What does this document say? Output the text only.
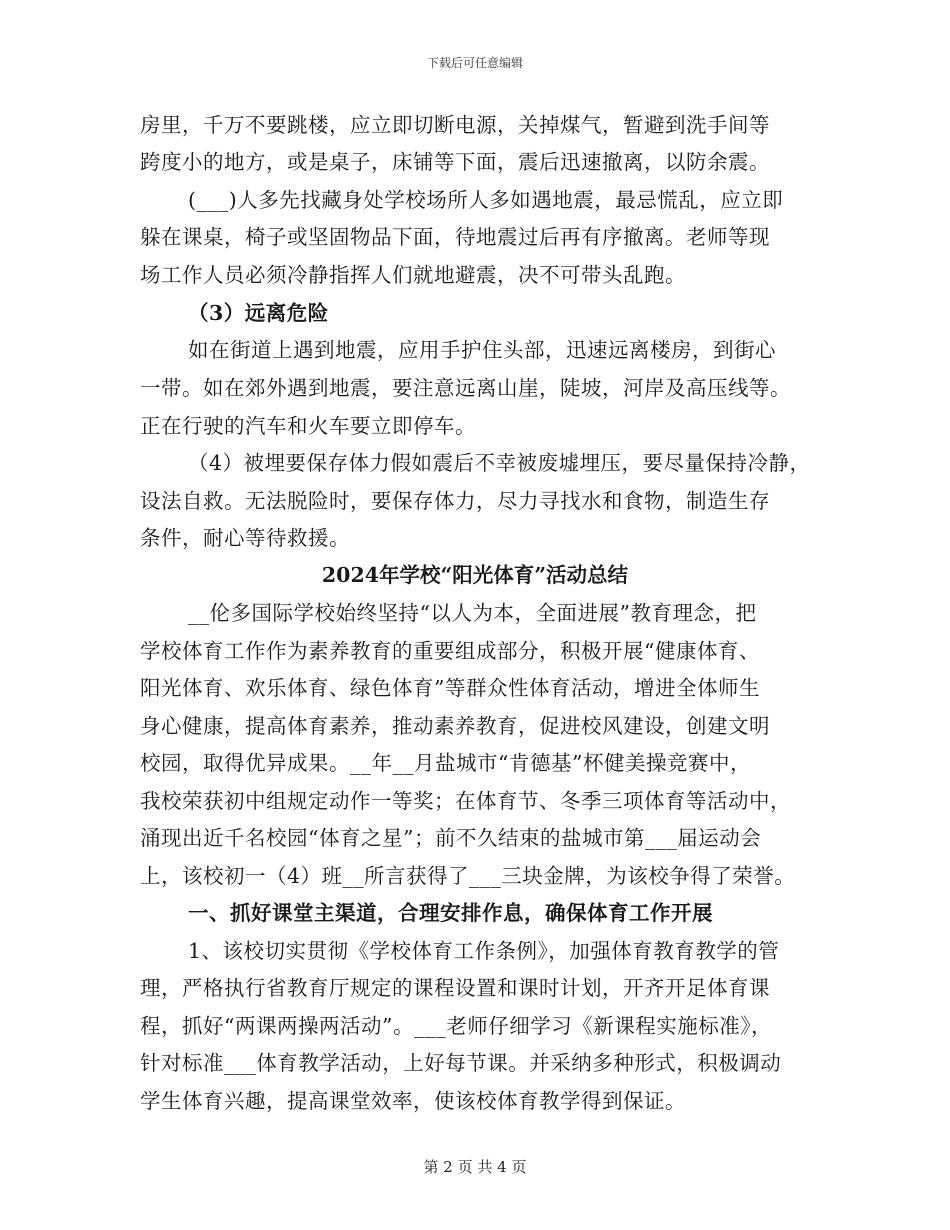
下载后可任意编辑
房里，千万不要跳楼，应立即切断电源，关掉煤气，暂避到洗手间等
跨度小的地方，或是桌子，床铺等下面，震后迅速撤离，以防余震。
(___)人多先找藏身处学校场所人多如遇地震，最忌慌乱，应立即
躲在课桌，椅子或坚固物品下面，待地震过后再有序撤离。老师等现
场工作人员必须冷静指挥人们就地避震，决不可带头乱跑。
（3）远离危险
如在街道上遇到地震，应用手护住头部，迅速远离楼房，到街心
一带。如在郊外遇到地震，要注意远离山崖，陡坡，河岸及高压线等。
正在行驶的汽车和火车要立即停车。
（4）被埋要保存体力假如震后不幸被废墟埋压，要尽量保持冷静，
设法自救。无法脱险时，要保存体力，尽力寻找水和食物，制造生存
条件，耐心等待救援。
2024年学校“阳光体育”活动总结
__伦多国际学校始终坚持“以人为本，全面进展”教育理念，把
学校体育工作作为素养教育的重要组成部分，积极开展“健康体育、
阳光体育、欢乐体育、绿色体育”等群众性体育活动，增进全体师生
身心健康，提高体育素养，推动素养教育，促进校风建设，创建文明
校园，取得优异成果。__年__月盐城市“肯德基”杯健美操竞赛中，
我校荣获初中组规定动作一等奖；在体育节、冬季三项体育等活动中，
涌现出近千名校园“体育之星”；前不久结束的盐城市第___届运动会
上，该校初一（4）班__所言获得了___三块金牌，为该校争得了荣誉。
一、抓好课堂主渠道，合理安排作息，确保体育工作开展
1、该校切实贯彻《学校体育工作条例》，加强体育教育教学的管
理，严格执行省教育厅规定的课程设置和课时计划，开齐开足体育课
程，抓好“两课两操两活动”。___老师仔细学习《新课程实施标准》，
针对标准___体育教学活动，上好每节课。并采纳多种形式，积极调动
学生体育兴趣，提高课堂效率，使该校体育教学得到保证。
第 2 页 共 4 页
